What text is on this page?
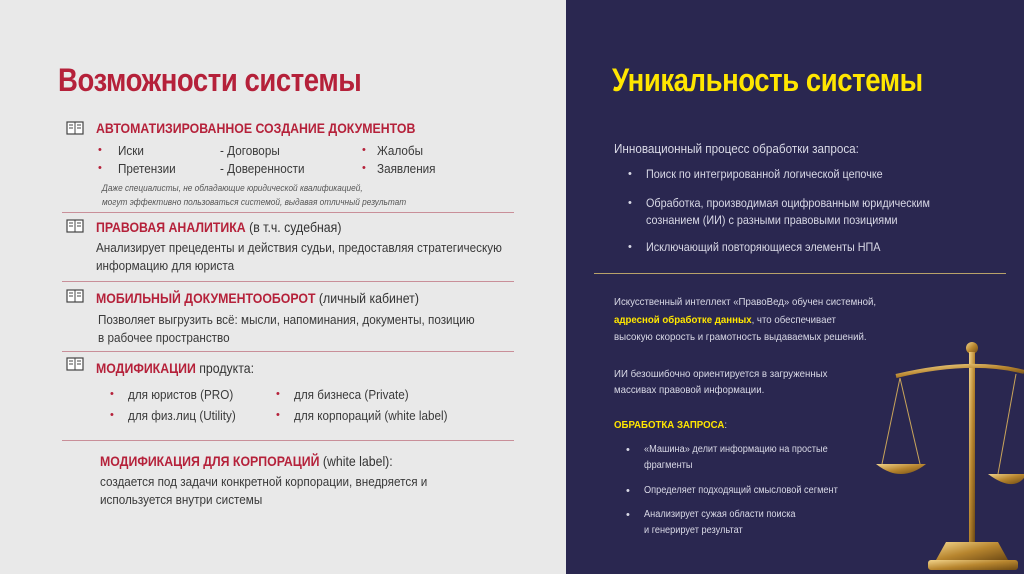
Возможности системы
АВТОМАТИЗИРОВАННОЕ СОЗДАНИЕ ДОКУМЕНТОВ
• Иски
• Претензии
- Договоры
- Доверенности
• Жалобы
• Заявления
Даже специалисты, не обладающие юридической квалификацией,
могут эффективно пользоваться системой, выдавая отличный результат
ПРАВОВАЯ АНАЛИТИКА (в т.ч. судебная)
Анализирует прецеденты и действия судьи, предоставляя стратегическую
информацию для юриста
МОБИЛЬНЫЙ ДОКУМЕНТООБОРОТ (личный кабинет)
Позволяет выгрузить всё: мысли, напоминания, документы, позицию
в рабочее пространство
МОДИФИКАЦИИ продукта:
• для юристов (PRO)	• для бизнеса (Private)
• для физ.лиц (Utility)	• для корпораций (white label)
МОДИФИКАЦИЯ ДЛЯ КОРПОРАЦИЙ (white label):
создается под задачи конкретной корпорации, внедряется и
используется внутри системы
Уникальность системы
Инновационный процесс обработки запроса:
• Поиск по интегрированной логической цепочке
• Обработка, производимая оцифрованным юридическим
сознанием (ИИ) с разными правовыми позициями
• Исключающий повторяющиеся элементы НПА
Искусственный интеллект «ПравоВед» обучен системной,
адресной обработке данных, что обеспечивает
высокую скорость и грамотность выдаваемых решений.
ИИ безошибочно ориентируется в загруженных
массивах правовой информации.
ОБРАБОТКА ЗАПРОСА:
• «Машина» делит информацию на простые
фрагменты
• Определяет подходящий смысловой сегмент
• Анализирует сужая области поиска
и генерирует результат
